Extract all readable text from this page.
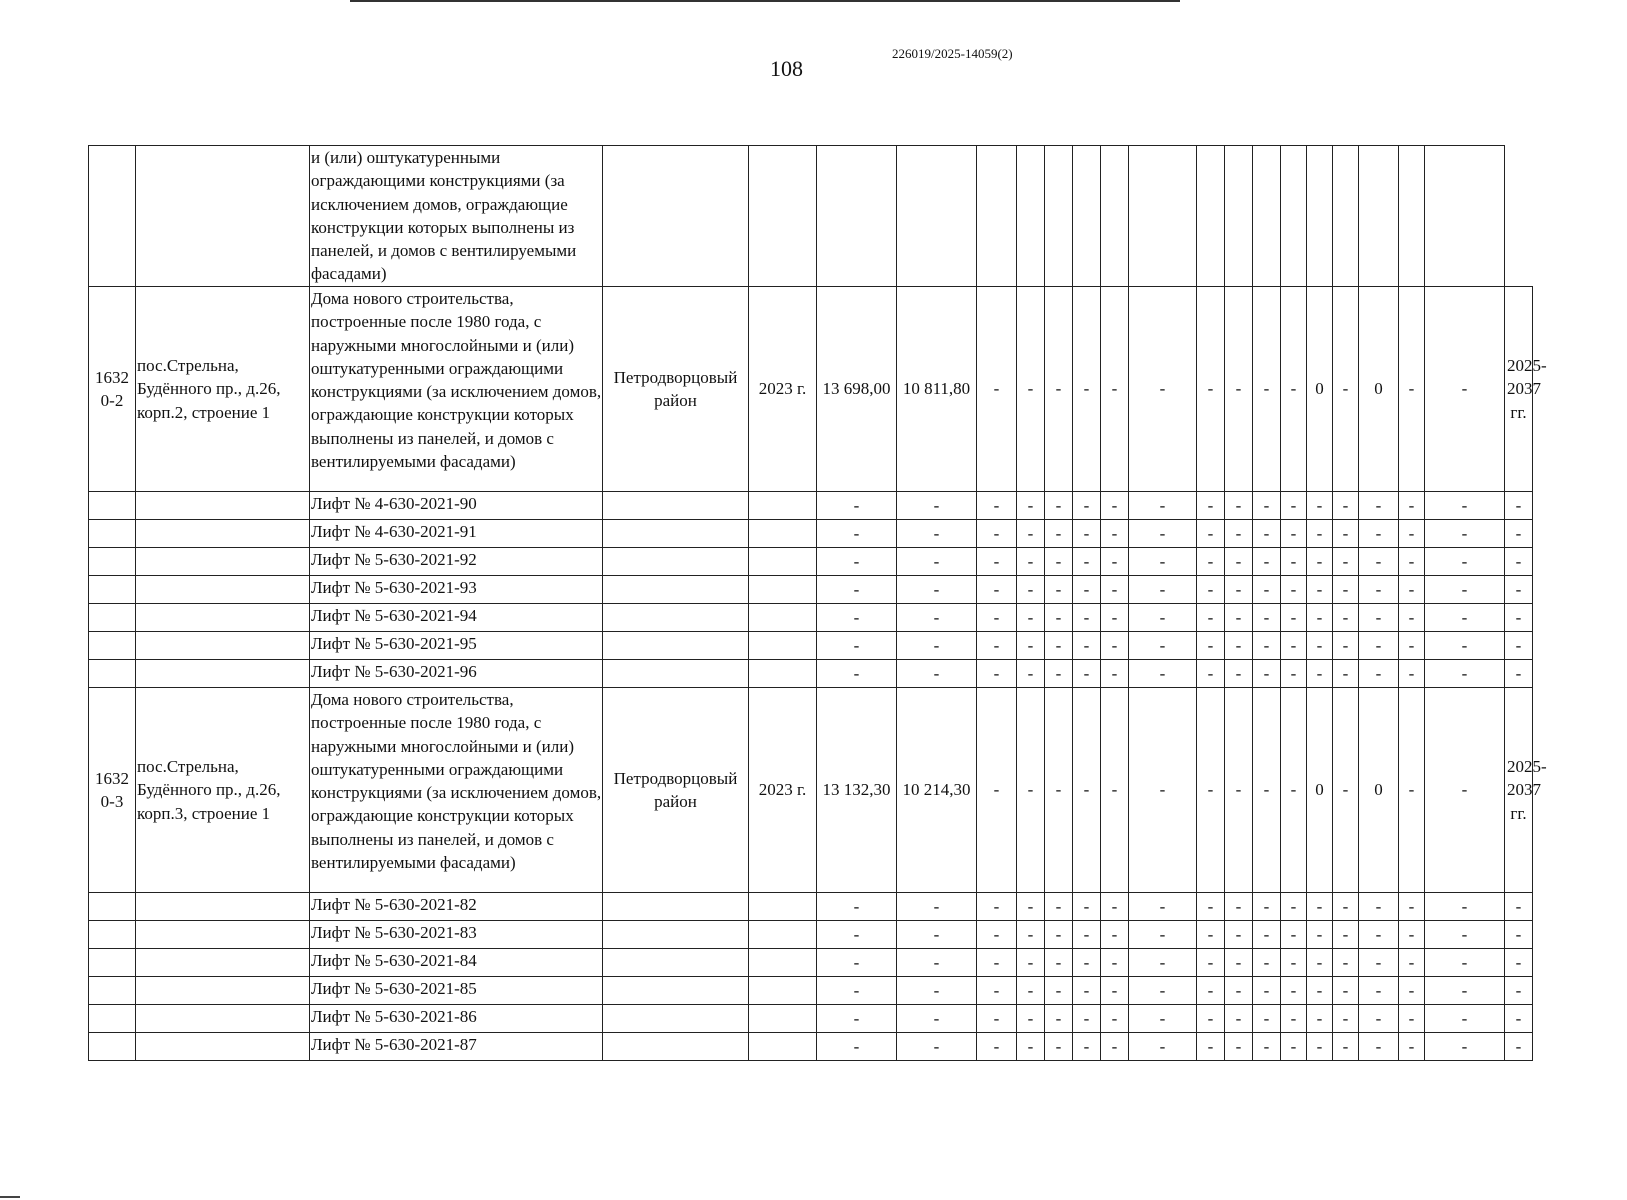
108
226019/2025-14059(2)
		и (или) оштукатуренными ограждающими конструкциями (за исключением домов, ограждающие конструкции которых выполнены из панелей, и домов с вентилируемыми фасадами)																				
1632 0-2	пос.Стрельна, Будённого пр., д.26, корп.2, строение 1	Дома нового строительства, построенные после 1980 года, с наружными многослойными и (или) оштукатуренными ограждающими конструкциями (за исключением домов, ограждающие конструкции которых выполнены из панелей, и домов с вентилируемыми фасадами)	Петродворцовый район	2023 г.	13 698,00	10 811,80	-	-	-	-	-	-	-	-	-	-	0	-	0	-	-	2025-2037 гг.
		Лифт № 4-630-2021-90			-	-	-	-	-	-	-	-	-	-	-	-	-	-	-	-	-	-
		Лифт № 4-630-2021-91			-	-	-	-	-	-	-	-	-	-	-	-	-	-	-	-	-	-
		Лифт № 5-630-2021-92			-	-	-	-	-	-	-	-	-	-	-	-	-	-	-	-	-	-
		Лифт № 5-630-2021-93			-	-	-	-	-	-	-	-	-	-	-	-	-	-	-	-	-	-
		Лифт № 5-630-2021-94			-	-	-	-	-	-	-	-	-	-	-	-	-	-	-	-	-	-
		Лифт № 5-630-2021-95			-	-	-	-	-	-	-	-	-	-	-	-	-	-	-	-	-	-
		Лифт № 5-630-2021-96			-	-	-	-	-	-	-	-	-	-	-	-	-	-	-	-	-	-
1632 0-3	пос.Стрельна, Будённого пр., д.26, корп.3, строение 1	Дома нового строительства, построенные после 1980 года, с наружными многослойными и (или) оштукатуренными ограждающими конструкциями (за исключением домов, ограждающие конструкции которых выполнены из панелей, и домов с вентилируемыми фасадами)	Петродворцовый район	2023 г.	13 132,30	10 214,30	-	-	-	-	-	-	-	-	-	-	0	-	0	-	-	2025-2037 гг.
		Лифт № 5-630-2021-82			-	-	-	-	-	-	-	-	-	-	-	-	-	-	-	-	-	-
		Лифт № 5-630-2021-83			-	-	-	-	-	-	-	-	-	-	-	-	-	-	-	-	-	-
		Лифт № 5-630-2021-84			-	-	-	-	-	-	-	-	-	-	-	-	-	-	-	-	-	-
		Лифт № 5-630-2021-85			-	-	-	-	-	-	-	-	-	-	-	-	-	-	-	-	-	-
		Лифт № 5-630-2021-86			-	-	-	-	-	-	-	-	-	-	-	-	-	-	-	-	-	-
		Лифт № 5-630-2021-87			-	-	-	-	-	-	-	-	-	-	-	-	-	-	-	-	-	-
